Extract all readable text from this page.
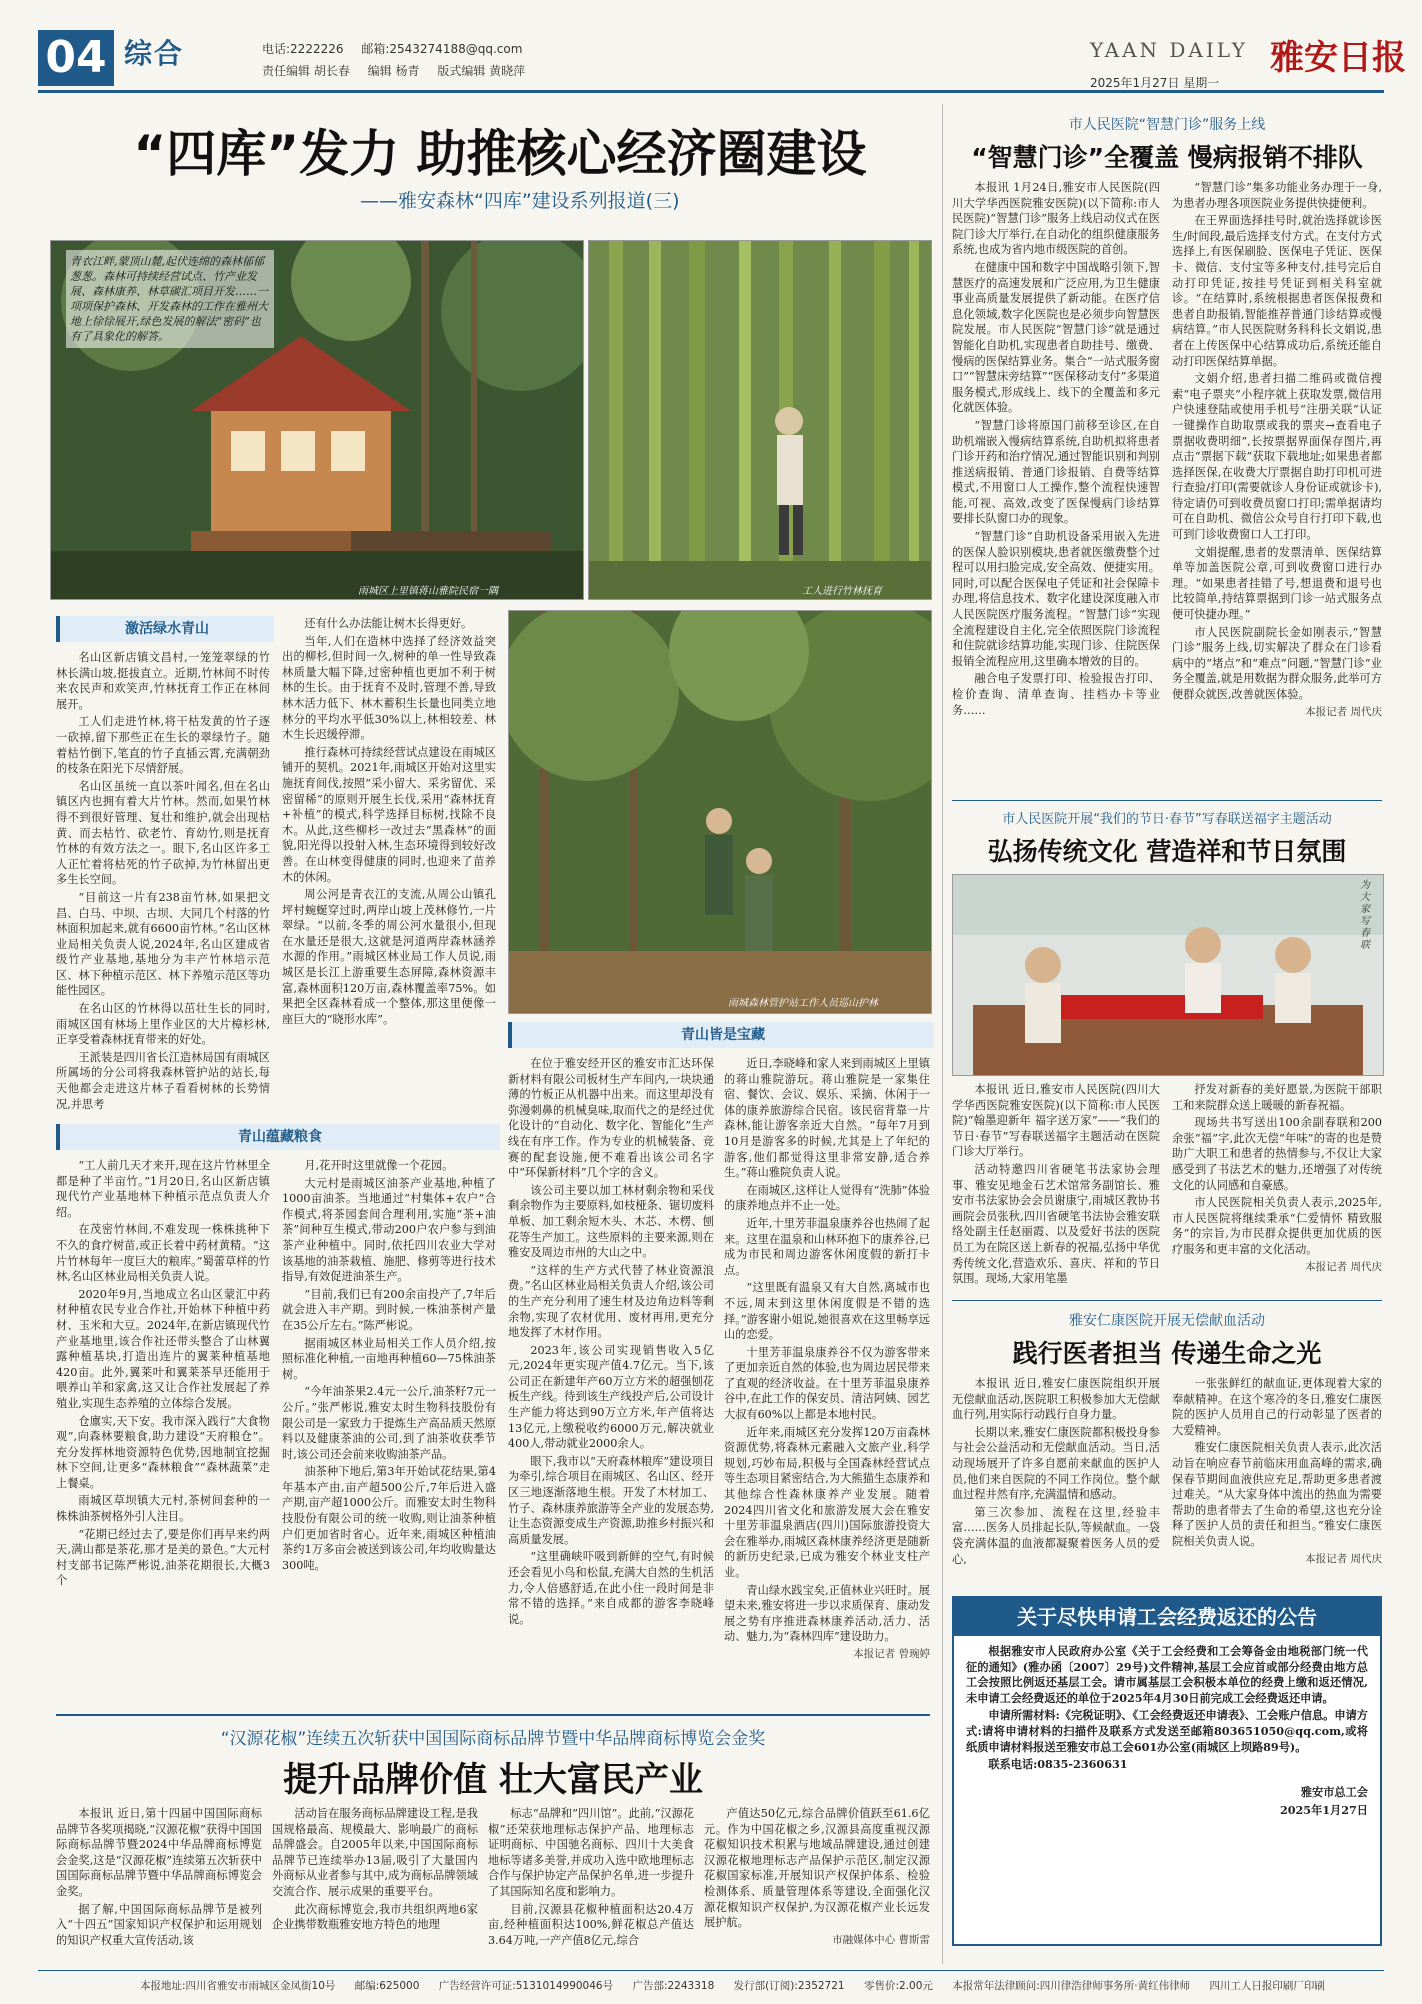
04 综合	电话:2222226 邮箱:2543274188@qq.com
责任编辑 胡长春 编辑 杨青 版式编辑 黄晓萍
YAAN DAILY 雅安日报
2025年1月27日 星期一
“四库”发力 助推核心经济圈建设
——雅安森林“四库”建设系列报道(三)
青衣江畔,蒙顶山麓,起伏连绵的森林郁郁葱葱。森林可持续经营试点、竹产业发展、森林康养、林草碳汇项目开发……一项项保护森林、开发森林的工作在雅州大地上徐徐展开,绿色发展的解法“密码”也有了具象化的解答。
雨城区上里镇蒋山雅院民宿一隅	工人进行竹林抚育
激活绿水青山

名山区新店镇文昌村,一笼笼翠绿的竹林长满山坡,挺拔直立。近期,竹林间不时传来农民声和欢笑声,竹林抚育工作正在林间展开。

工人们走进竹林,将干枯发黄的竹子逐一砍掉,留下那些正在生长的翠绿竹子。随着枯竹倒下,笔直的竹子直插云霄,充满朝劲的枝条在阳光下尽情舒展。

名山区虽统一直以茶叶闻名,但在名山镇区内也拥有着大片竹林。然而,如果竹林得不到很好管理、复壮和维护,就会出现枯黄、而去枯竹、砍老竹、育幼竹,则是抚育竹林的有效方法之一。眼下,名山区许多工人正忙着将枯死的竹子砍掉,为竹林留出更多生长空间。

“目前这一片有238亩竹林,如果把文昌、白马、中坝、古坝、大同几个村落的竹林面积加起来,就有6600亩竹林。”名山区林业局相关负责人说,2024年,名山区建成省级竹产业基地,基地分为丰产竹林培示范区、林下种植示范区、林下养殖示范区等功能性园区。

在名山区的竹林得以茁壮生长的同时,雨城区国有林场上里作业区的大片樟杉林,正享受着森林抚育带来的好处。

王派装是四川省长江造林局国有雨城区所属场的分公司将我森林管护站的站长,每天他都会走进这片林子看看树林的长势情况,并思考

还有什么办法能让树木长得更好。

当年,人们在造林中选择了经济效益突出的柳杉,但时间一久,树种的单一性导致森林质量大幅下降,过密种植也更加不利于树林的生长。由于抚育不及时,管理不善,导致林木活力低下、林木蓄积生长量也同类立地林分的平均水平低30%以上,林相较差、林木生长迟缓停滞。

推行森林可持续经营试点建设在雨城区铺开的契机。2021年,雨城区开始对这里实施抚育间伐,按照“采小留大、采劣留优、采密留稀”的原则开展生长伐,采用“森林抚育+补植”的模式,科学选择目标树,找除不良木。从此,这些柳杉一改过去“黑森林”的面貌,阳光得以投射入林,生态环境得到较好改善。在山林变得健康的同时,也迎来了苗养木的休闲。

周公河是青衣江的支流,从周公山镇孔坪村蜿蜒穿过时,两岸山坡上茂林修竹,一片翠绿。“以前,冬季的周公河水量很小,但现在水量还是很大,这就是河道两岸森林涵养水源的作用。”雨城区林业局工作人员说,雨城区是长江上游重要生态屏障,森林资源丰富,森林面积120万亩,森林覆盖率75%。如果把全区森林看成一个整体,那这里便像一座巨大的“晓形水库”。

雨城森林管护站工作人员巡山护林
青山皆是宝藏
青山蕴藏粮食

“工人前几天才来开,现在这片竹林里全都是种了半亩竹。”1月20日,名山区新店镇现代竹产业基地林下种植示范点负责人介绍。

在茂密竹林间,不难发现一株株挑种下不久的食疗树苗,或正长着中药材黄精。“这片竹林每年一度巨大的粮库。”蜀蕾草样的竹林,名山区林业局相关负责人说。

2020年9月,当地成立名山区蒙汇中药材种植农民专业合作社,开始林下种植中药材、玉米和大豆。2024年,在新店镇现代竹产业基地里,该合作社还带头整合了山林翼露种植基块,打造出连片的翼莱种植基地420亩。此外,翼莱叶和翼莱茶早还能用于喂养山羊和家禽,这又让合作社发展起了养殖业,实现生态养殖的立体综合发展。

仓廪实,天下安。我市深入践行“大食物观”,向森林要粮食,助力建设“天府粮仓”。充分发挥林地资源特色优势,因地制宜挖掘林下空间,让更多“森林粮食”“森林蔬菜”走上餐桌。

雨城区草坝镇大元村,茶树间套种的一株株油茶树格外引人注目。

“花期已经过去了,要是你们再早来约两天,满山都是茶花,那才是美的景色。”大元村村支部书记陈严彬说,油茶花期很长,大概3个

月,花开时这里就像一个花园。

大元村是雨城区油茶产业基地,种植了1000亩油茶。当地通过“村集体+农户”合作模式,将茶园套间合理利用,实施“茶+油茶”间种互生模式,带动200户农户参与到油茶产业种植中。同时,依托四川农业大学对该基地的油茶栽植、施肥、修剪等进行技术指导,有效促进油茶生产。

“目前,我们已有200余亩投产了,7年后就会进入丰产期。到时候,一株油茶树产量在35公斤左右。”陈严彬说。

据雨城区林业局相关工作人员介绍,按照标准化种植,一亩地再种植60—75株油茶树。

“今年油茶果2.4元一公斤,油茶籽7元一公斤。”张严彬说,雅安太时生物科技股份有限公司是一家致力于提炼生产高品质天然原料以及健康茶油的公司,到了油茶收获季节时,该公司还会前来收购油茶产品。

油茶种下地后,第3年开始试花结果,第4年基本产由,亩产超500公斤,7年后进入盛产期,亩产超1000公斤。而雅安太时生物科技股份有限公司的统一收购,则让油茶种植户们更加省时省心。近年来,雨城区种植油茶约1万多亩会被送到该公司,年均收购量达300吨。

在位于雅安经开区的雅安市汇达环保新材料有限公司板材生产车间内,一块块通薄的竹板正从机器中出来。而这里却没有弥漫刺鼻的机械臭味,取而代之的是经过优化设计的“自动化、数字化、智能化”生产线在有序工作。作为专业的机械装备、竞赛的配套设施,便不难看出该公司名字中“环保新材料”几个字的含义。

该公司主要以加工林材剩余物和采伐剩余物作为主要原料,如枝桠条、锯切废料单板、加工剩余短木头、木芯、木楞、刨花等生产加工。这些原料的主要来源,则在雅安及周边市州的大山之中。

“这样的生产方式代替了林业资源浪费。”名山区林业局相关负责人介绍,该公司的生产充分利用了速生材及边角边料等剩余物,实现了农材优用、废材再用,更充分地发挥了木材作用。

2023年,该公司实现销售收入5亿元,2024年更实现产值4.7亿元。当下,该公司正在新建年产60万立方米的超强刨花板生产线。待到该生产线投产后,公司设计生产能力将达到90万立方米,年产值将达13亿元,上缴税收约6000万元,解决就业400人,带动就业2000余人。

眼下,我市以“天府森林粮库”建设项目为牵引,综合项目在雨城区、名山区、经开区三地逐渐落地生根。开发了木材加工、竹子、森林康养旅游等全产业的发展态势,让生态资源变成生产资源,助推乡村振兴和高质量发展。

“这里确峡吓吸到新鲜的空气,有时候还会看见小鸟和松鼠,充满大自然的生机活力,令人倍感舒适,在此小住一段时间是非常不错的选择。”来自成都的游客李晓峰说。

近日,李晓峰和家人来到雨城区上里镇的蒋山雅院游玩。蒋山雅院是一家集住宿、餐饮、会议、娱乐、采摘、休闲于一体的康养旅游综合民宿。该民宿背靠一片森林,能让游客亲近大自然。“每年7月到10月是游客多的时候,尤其是上了年纪的游客,他们都觉得这里非常安静,适合养生。”蒋山雅院负责人说。

在雨城区,这样让人觉得有“洗肺”体验的康养地点并不止一处。

近年,十里芳菲温泉康养谷也热闹了起来。这里在温泉和山林环抱下的康养谷,已成为市民和周边游客休闲度假的新打卡点。

“这里既有温泉又有大自然,离城市也不远,周末到这里休闲度假是不错的选择。”游客谢小姐说,她很喜欢在这里畅享远山的恋爱。

十里芳菲温泉康养谷不仅为游客带来了更加亲近自然的体验,也为周边居民带来了直观的经济收益。在十里芳菲温泉康养谷中,在此工作的保安员、清洁阿姨、园艺大叔有60%以上都是本地村民。

近年来,雨城区充分发挥120万亩森林资源优势,将森林元素融入文旅产业,科学规划,巧妙布局,积极与全国森林经营试点等生态项目紧密结合,为大熊猫生态康养和其他综合性森林康养产业发展。随着2024四川省文化和旅游发展大会在雅安十里芳菲温泉酒店(四川)国际旅游投资大会在雅举办,雨城区森林康养经济更是随新的新历史纪录,已成为雅安个林业支柱产业。

青山绿水践宝矣,正值林业兴旺时。展望未来,雅安将进一步以求质保育、康动发展之势有序推进森林康养活动,活力、活动、魅力,为“森林四库”建设助力。

本报记者 曾琬婷
“汉源花椒”连续五次斩获中国国际商标品牌节暨中华品牌商标博览会金奖
提升品牌价值 壮大富民产业

本报讯 近日,第十四届中国国际商标品牌节各奖项揭晓,“汉源花椒”获得中国国际商标品牌节暨2024中华品牌商标博览会金奖,这是“汉源花椒”连续第五次斩获中国国际商标品牌节暨中华品牌商标博览会金奖。

据了解,中国国际商标品牌节是被列入“十四五”国家知识产权保护和运用规划的知识产权重大宣传活动,该

活动旨在服务商标品牌建设工程,是我国规格最高、规模最大、影响最广的商标品牌盛会。自2005年以来,中国国际商标品牌节已连续举办13届,吸引了大量国内外商标从业者参与其中,成为商标品牌领域交流合作、展示成果的重要平台。

此次商标博览会,我市共组织两地6家企业携带数瓶雅安地方特色的地理

标志“品牌和”四川馆”。此前,“汉源花椒”还荣获地理标志保护产品、地理标志证明商标、中国驰名商标、四川十大美食地标等诸多美誉,并成功入选中欧地理标志合作与保护协定产品保护名单,进一步提升了其国际知名度和影响力。

目前,汉源县花椒种植面积达20.4万亩,经种植面积达100%,鲜花椒总产值达3.64万吨,一产产值8亿元,综合

产值达50亿元,综合品牌价值跃至61.6亿元。作为中国花椒之乡,汉源县高度重视汉源花椒知识技术积累与地域品牌建设,通过创建汉源花椒地理标志产品保护示范区,制定汉源花椒国家标准,开展知识产权保护体系、检验检测体系、质量管理体系等建设,全面强化汉源花椒知识产权保护,为汉源花椒产业长远发展护航。

市融媒体中心 曹斯雷
市人民医院“智慧门诊”服务上线
“智慧门诊”全覆盖 慢病报销不排队

本报讯 1月24日,雅安市人民医院(四川大学华西医院雅安医院)(以下简称:市人民医院)“智慧门诊”服务上线启动仪式在医院门诊大厅举行,在自动化的组织健康服务系统,也成为省内地市级医院的首创。

在健康中国和数字中国战略引领下,智慧医疗的高速发展和广泛应用,为卫生健康事业高质量发展提供了新动能。在医疗信息化领域,数字化医院也是必须步向智慧医院发展。市人民医院“智慧门诊”就是通过智能化自助机,实现患者自助挂号、缴费、慢病的医保结算业务。集合“一站式服务窗口”“智慧床旁结算”“医保移动支付”多渠道服务模式,形成线上、线下的全覆盖和多元化就医体验。

“智慧门诊将原国门前移至诊区,在自助机端嵌入慢病结算系统,自助机拟将患者门诊开药和治疗情况,通过智能识别和判别推送病报销、普通门诊报销、自费等结算模式,不用窗口人工操作,整个流程快速智能,可视、高效,改变了医保慢病门诊结算要排长队窗口办的现象。

“智慧门诊”自助机设备采用嵌入先进的医保人脸识别模块,患者就医缴费整个过程可以用扫脸完成,安全高效、便捷实用。同时,可以配合医保电子凭证和社会保障卡办理,将信息技术、数字化建设深度融入市人民医院医疗服务流程。“智慧门诊”实现全流程建设自主化,完全依照医院门诊流程和住院就诊结算功能,实现门诊、住院医保报销全流程应用,这里确本增效的目的。

融合电子发票打印、检验报告打印、检价查询、清单查询、挂档办卡等业务……

“智慧门诊”集多功能业务办理于一身,为患者办理各项医院业务提供快捷便利。

在王界面选择挂号时,就治选择就诊医生/时间段,最后选择支付方式。在支付方式选择上,有医保刷脸、医保电子凭证、医保卡、微信、支付宝等多种支付,挂号完后自动打印凭证,按挂号凭证到相关科室就诊。“在结算时,系统根据患者医保报费和患者自助报销,智能推荐普通门诊结算或慢病结算。”市人民医院财务科科长文娟说,患者在上传医保中心结算成功后,系统还能自动打印医保结算单据。

文娟介绍,患者扫描二维码或微信搜索“电子票夹”小程序就上获取发票,微信用户快速登陆或使用手机号“注册关联”认证一键操作自助取票或我的票夹→查看电子票据收费明细”,长按票据界面保存图片,再点击“票据下载”获取下载地址;如果患者都选择医保,在收费大厅票据自助打印机可进行查验/打印(需要就诊人身份证或就诊卡),待定请仍可到收费员窗口打印;需单据请均可在自助机、微信公众号自行打印下载,也可到门诊收费窗口人工打印。

文娟提醒,患者的发票清单、医保结算单等加盖医院公章,可到收费窗口进行办理。“如果患者挂错了号,想退费和退号也比较简单,持结算票据到门诊一站式服务点便可快捷办理。”

市人民医院副院长金如刚表示,“智慧门诊”服务上线,切实解决了群众在门诊看病中的“堵点”和“难点”问题,“智慧门诊”业务全覆盖,就是用数据为群众服务,此举可方便群众就医,改善就医体验。

本报记者 周代庆
市人民医院开展“我们的节日·春节”写春联送福字主题活动
弘扬传统文化 营造祥和节日氛围
为大家写春联

本报讯 近日,雅安市人民医院(四川大学华西医院雅安医院)(以下简称:市人民医院)“翰墨迎新年 福字送万家”——“我们的节日·春节”写春联送福字主题活动在医院门诊大厅举行。

活动特邀四川省硬笔书法家协会理事、雅安见地金石艺术馆常务副馆长、雅安市书法家协会会员谢康宁,雨城区教协书画院会员张秋,四川省硬笔书法协会雅安联络处副主任赵丽霞、以及爱好书法的医院员工为在院区送上新春的祝福,弘扬中华优秀传统文化,营造欢乐、喜庆、祥和的节日氛围。现场,大家用笔墨

抒发对新春的美好愿景,为医院干部职工和来院群众送上暖暖的新春祝福。

现场共书写送出100余副春联和200余张“福”字,此次无偿“年味”的寄的也是赞助广大职工和患者的热情参与,不仅让大家感受到了书法艺术的魅力,还增强了对传统文化的认同感和自豪感。

市人民医院相关负责人表示,2025年,市人民医院将继续秉承“仁爱情怀 精致服务”的宗旨,为市民群众提供更加优质的医疗服务和更丰富的文化活动。

本报记者 周代庆
雅安仁康医院开展无偿献血活动
践行医者担当 传递生命之光

本报讯 近日,雅安仁康医院组织开展无偿献血活动,医院职工积极参加大无偿献血行列,用实际行动践行自身力量。

长期以来,雅安仁康医院都积极投身参与社会公益活动和无偿献血活动。当日,活动现场展开了许多自愿前来献血的医护人员,他们来自医院的不同工作岗位。整个献血过程井然有序,充满温情和感动。

第三次参加、流程在这里,经验丰富……医务人员排起长队,等候献血。一袋袋充满体温的血液都凝聚着医务人员的爱心,

一张张鲜红的献血证,更体现着大家的奉献精神。在这个寒冷的冬日,雅安仁康医院的医护人员用自己的行动彰显了医者的大爱精神。

雅安仁康医院相关负责人表示,此次活动旨在响应春节前临床用血高峰的需求,确保春节期间血液供应充足,帮助更多患者渡过难关。“从大家身体中流出的热血为需要帮助的患者带去了生命的希望,这也充分诠释了医护人员的责任和担当。”雅安仁康医院相关负责人说。

本报记者 周代庆
关于尽快申请工会经费返还的公告

根据雅安市人民政府办公室《关于工会经费和工会筹备金由地税部门统一代征的通知》(雅办函〔2007〕29号)文件精神,基层工会应首或部分经费由地方总工会按照比例返还基层工会。请市属基层工会积极本单位的经费上缴和返还情况,未申请工会经费返还的单位于2025年4月30日前完成工会经费返还申请。

申请所需材料:《完税证明》、《工会经费返还申请表》、工会账户信息。申请方式:请将申请材料的扫描件及联系方式发送至邮箱803651050@qq.com,或将纸质申请材料报送至雅安市总工会601办公室(雨城区上坝路89号)。

联系电话:0835-2360631

雅安市总工会
2025年1月27日
本报地址:四川省雅安市雨城区金凤街10号 邮编:625000 广告经营许可证:5131014990046号 广告部:2243318 发行部(订阅):2352721 零售价:2.00元 本报常年法律顾问:四川律浩律师事务所·黄红伟律师 四川工人日报印刷厂印刷
